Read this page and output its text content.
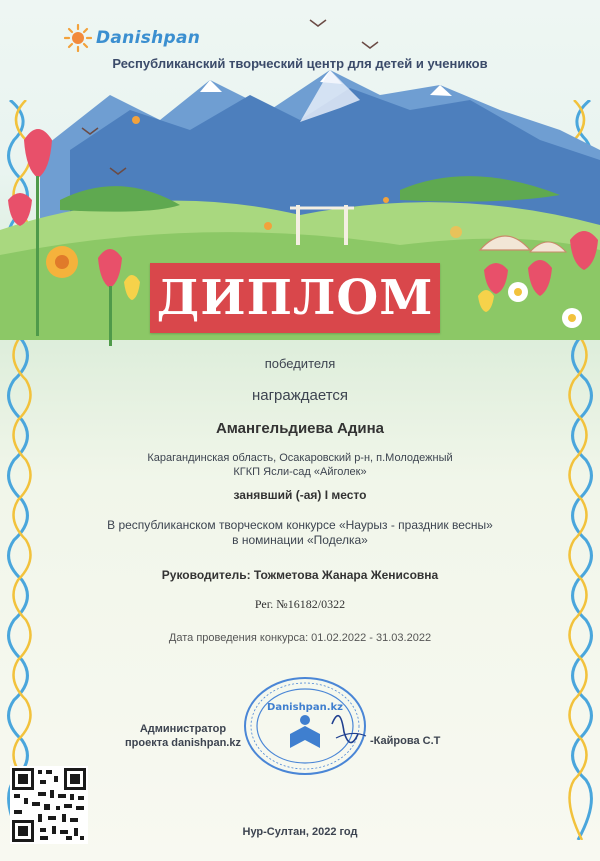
Danishpan
Республиканский творческий центр для детей и учеников
ДИПЛОМ
победителя
награждается
Амангельдиева Адина
Карагандинская область, Осакаровский р-н, п.Молодежный
КГКП Ясли-сад «Айголек»
занявший (-ая) I место
В республиканском творческом конкурсе «Наурыз - праздник весны»
в номинации «Поделка»
Руководитель: Тожметова Жанара Женисовна
Рег. №16182/0322
Дата проведения конкурса: 01.02.2022 - 31.03.2022
Администратор
проекта danishpan.kz
Danishpan.kz
-Кайрова С.Т
Нур-Султан, 2022 год
